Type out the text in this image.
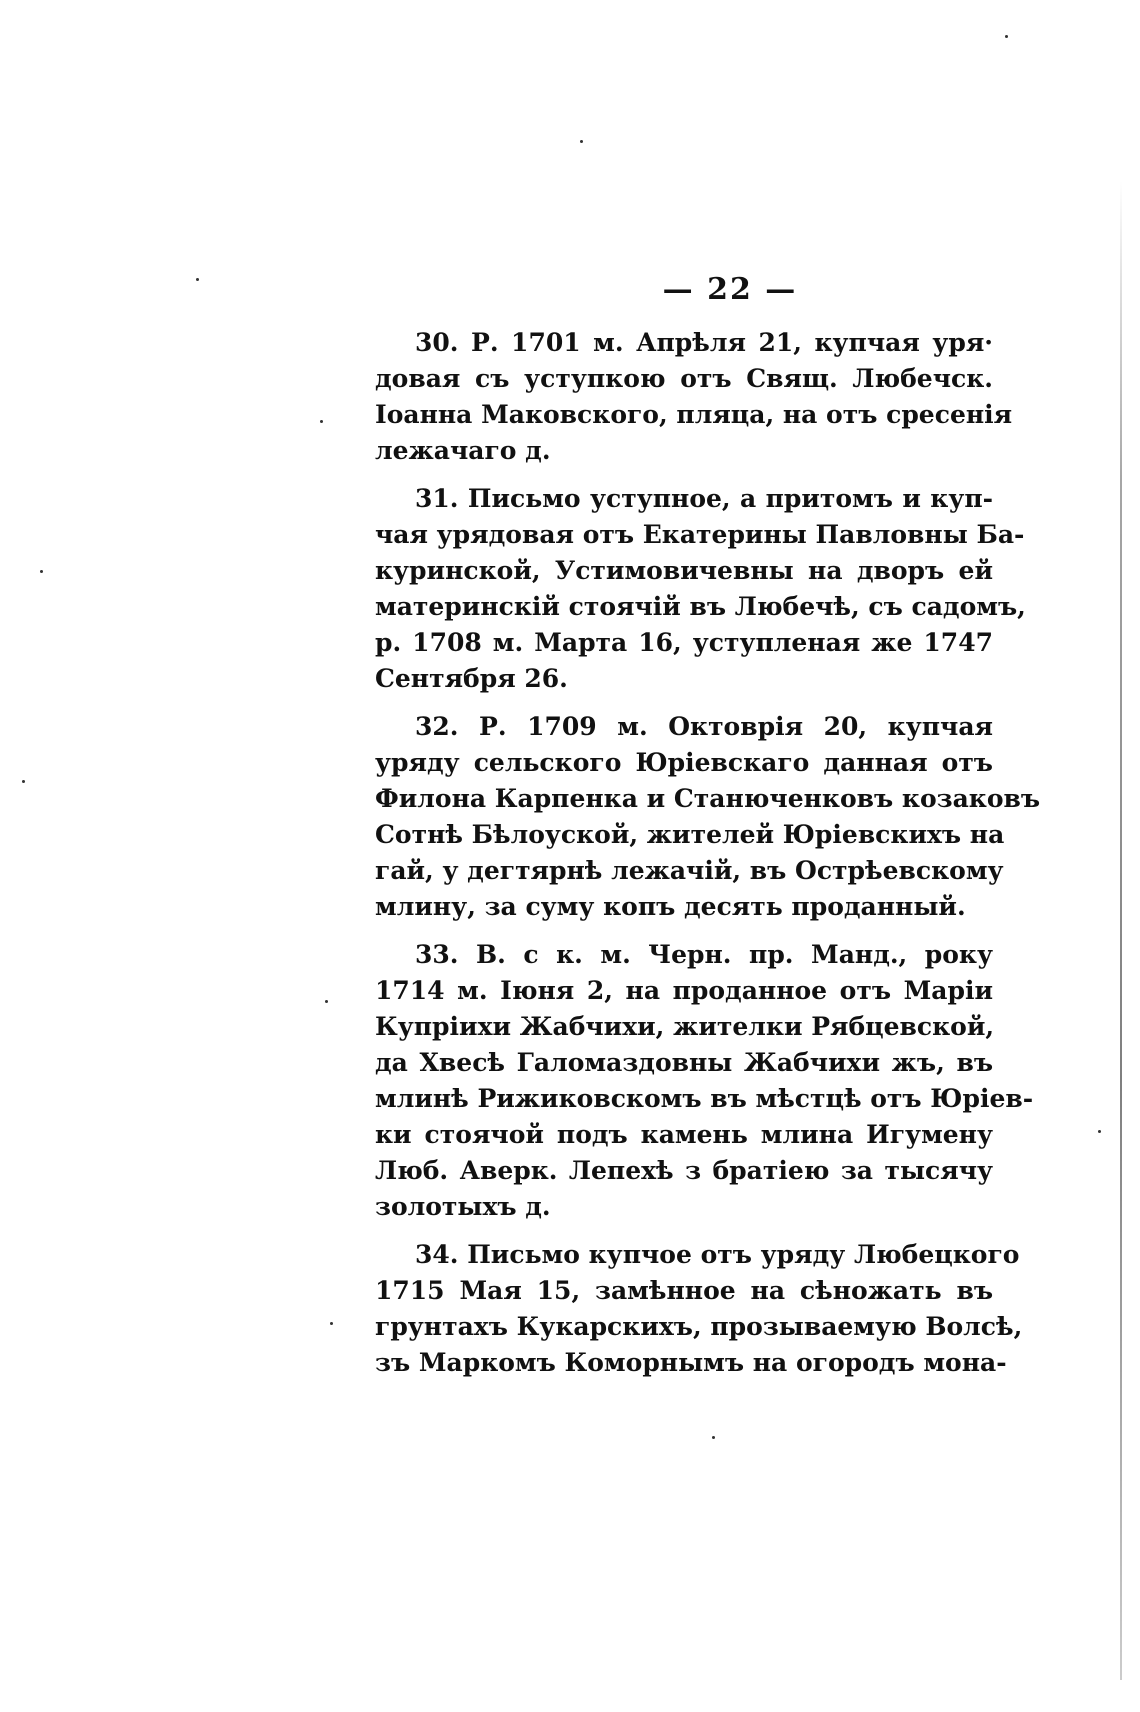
— 22 —
30. Р. 1701 м. Апрѣля 21, купчая уря·
довая съ уступкою отъ Свящ. Любечск.
Іоанна Маковского, пляца, на отъ сресенія
лежачаго д.
31. Письмо уступное, а притомъ и куп-
чая урядовая отъ Екатерины Павловны Ба-
куринской, Устимовичевны на дворъ ей
материнскій стоячій въ Любечѣ, съ садомъ,
р. 1708 м. Марта 16, уступленая же 1747
Сентября 26.
32. Р. 1709 м. Октоврія 20, купчая
уряду сельского Юріевскаго данная отъ
Филона Карпенка и Станюченковъ козаковъ
Сотнѣ Бѣлоуской, жителей Юріевскихъ на
гай, у дегтярнѣ лежачій, въ Острѣевскому
млину, за суму копъ десять проданный.
33. В. с к. м. Черн. пр. Манд., року
1714 м. Іюня 2, на проданное отъ Маріи
Купріихи Жабчихи, жителки Рябцевской,
да Хвесѣ Галомаздовны Жабчихи жъ, въ
млинѣ Рижиковскомъ въ мѣстцѣ отъ Юріев-
ки стоячой подъ камень млина Игумену
Люб. Аверк. Лепехѣ з братіею за тысячу
золотыхъ д.
34. Письмо купчое отъ уряду Любецкого
1715 Мая 15, замѣнное на сѣножать въ
грунтахъ Кукарскихъ, прозываемую Волсѣ,
зъ Маркомъ Коморнымъ на огородъ мона-
